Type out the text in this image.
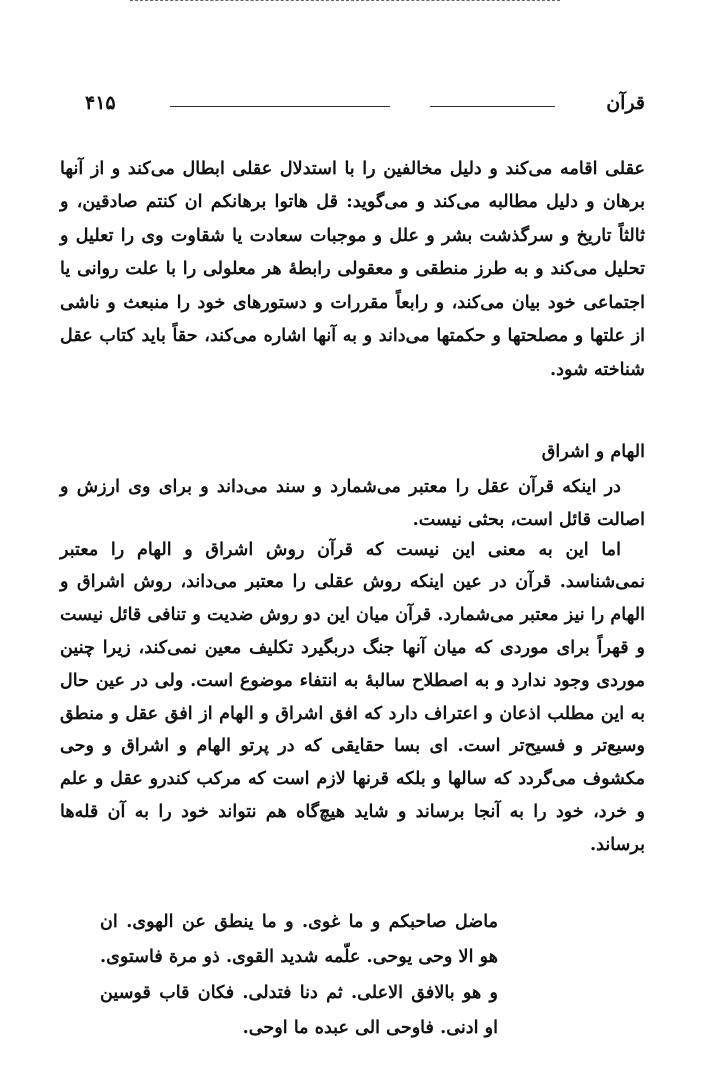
قرآن
۴۱۵

عقلی اقامه می‌کند و دلیل مخالفین را با استدلال عقلی ابطال می‌کند و از آنها برهان و دلیل مطالبه می‌کند و می‌گوید: قل هاتوا برهانکم ان کنتم صادقین، و ثالثاً تاریخ و سرگذشت بشر و علل و موجبات سعادت یا شقاوت وی را تعلیل و تحلیل می‌کند و به طرز منطقی و معقولی رابطهٔ هر معلولی را با علت روانی یا اجتماعی خود بیان می‌کند، و رابعاً مقررات و دستورهای خود را منبعث و ناشی از علتها و مصلحتها و حکمتها می‌داند و به آنها اشاره می‌کند، حقاً باید کتاب عقل شناخته شود.

الهام و اشراق

در اینکه قرآن عقل را معتبر می‌شمارد و سند می‌داند و برای وی ارزش و اصالت قائل است، بحثی نیست.

اما این به معنی این نیست که قرآن روش اشراق و الهام را معتبر نمی‌شناسد. قرآن در عین اینکه روش عقلی را معتبر می‌داند، روش اشراق و الهام را نیز معتبر می‌شمارد. قرآن میان این دو روش ضدیت و تنافی قائل نیست و قهراً برای موردی که میان آنها جنگ دربگیرد تکلیف معین نمی‌کند، زیرا چنین موردی وجود ندارد و به اصطلاح سالبهٔ به انتفاء موضوع است. ولی در عین حال به این مطلب اذعان و اعتراف دارد که افق اشراق و الهام از افق عقل و منطق وسیع‌تر و فسیح‌تر است. ای بسا حقایقی که در پرتو الهام و اشراق و وحی مکشوف می‌گردد که سالها و بلکه قرنها لازم است که مرکب کندرو عقل و علم و خرد، خود را به آنجا برساند و شاید هیچ‌گاه هم نتواند خود را به آن قله‌ها برساند.

ماضل صاحبکم و ما غوی. و ما ینطق عن الهوی. ان هو الا وحی یوحی. علّمه شدید القوی. ذو مرة فاستوی. و هو بالافق الاعلی. ثم دنا فتدلی. فکان قاب قوسین او ادنی. فاوحی الی عبده ما اوحی.
